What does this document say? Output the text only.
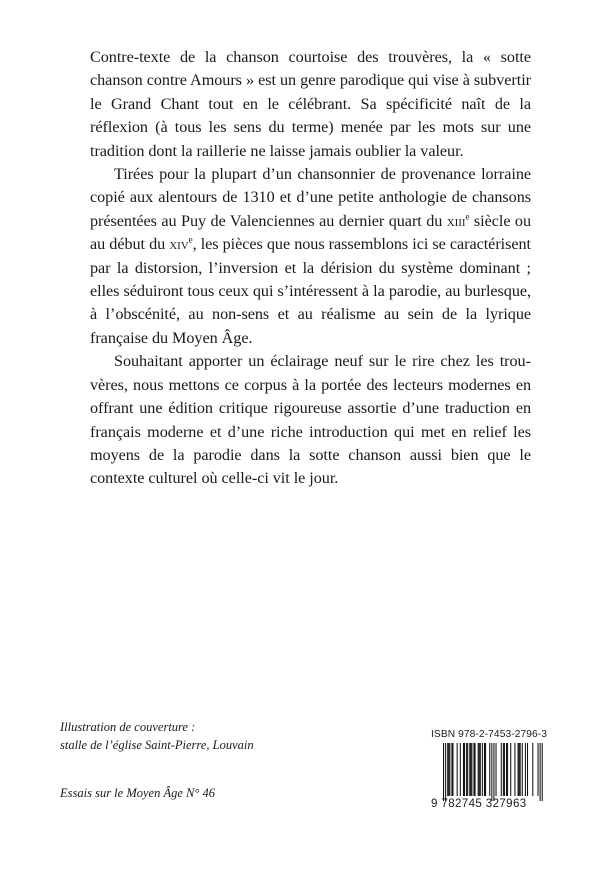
Contre-texte de la chanson courtoise des trouvères, la « sotte chanson contre Amours » est un genre parodique qui vise à subvertir le Grand Chant tout en le célébrant. Sa spécificité naît de la réflexion (à tous les sens du terme) menée par les mots sur une tradition dont la raillerie ne laisse jamais oublier la valeur.

Tirées pour la plupart d’un chansonnier de provenance lorraine copié aux alentours de 1310 et d’une petite anthologie de chansons présentées au Puy de Valenciennes au dernier quart du xiii$^e$ siècle ou au début du xiv$^e$, les pièces que nous rassemblons ici se caractérisent par la distorsion, l’inversion et la dérision du système dominant ; elles séduiront tous ceux qui s’intéressent à la parodie, au burlesque, à l’obscénité, au non-sens et au réalisme au sein de la lyrique française du Moyen Âge.

Souhaitant apporter un éclairage neuf sur le rire chez les trouvères, nous mettons ce corpus à la portée des lecteurs modernes en offrant une édition critique rigoureuse assortie d’une traduction en français moderne et d’une riche introduction qui met en relief les moyens de la parodie dans la sotte chanson aussi bien que le contexte culturel où celle-ci vit le jour.

Illustration de couverture :
stalle de l’église Saint-Pierre, Louvain
Essais sur le Moyen Âge N° 46
ISBN 978-2-7453-2796-3
9 782745 327963
